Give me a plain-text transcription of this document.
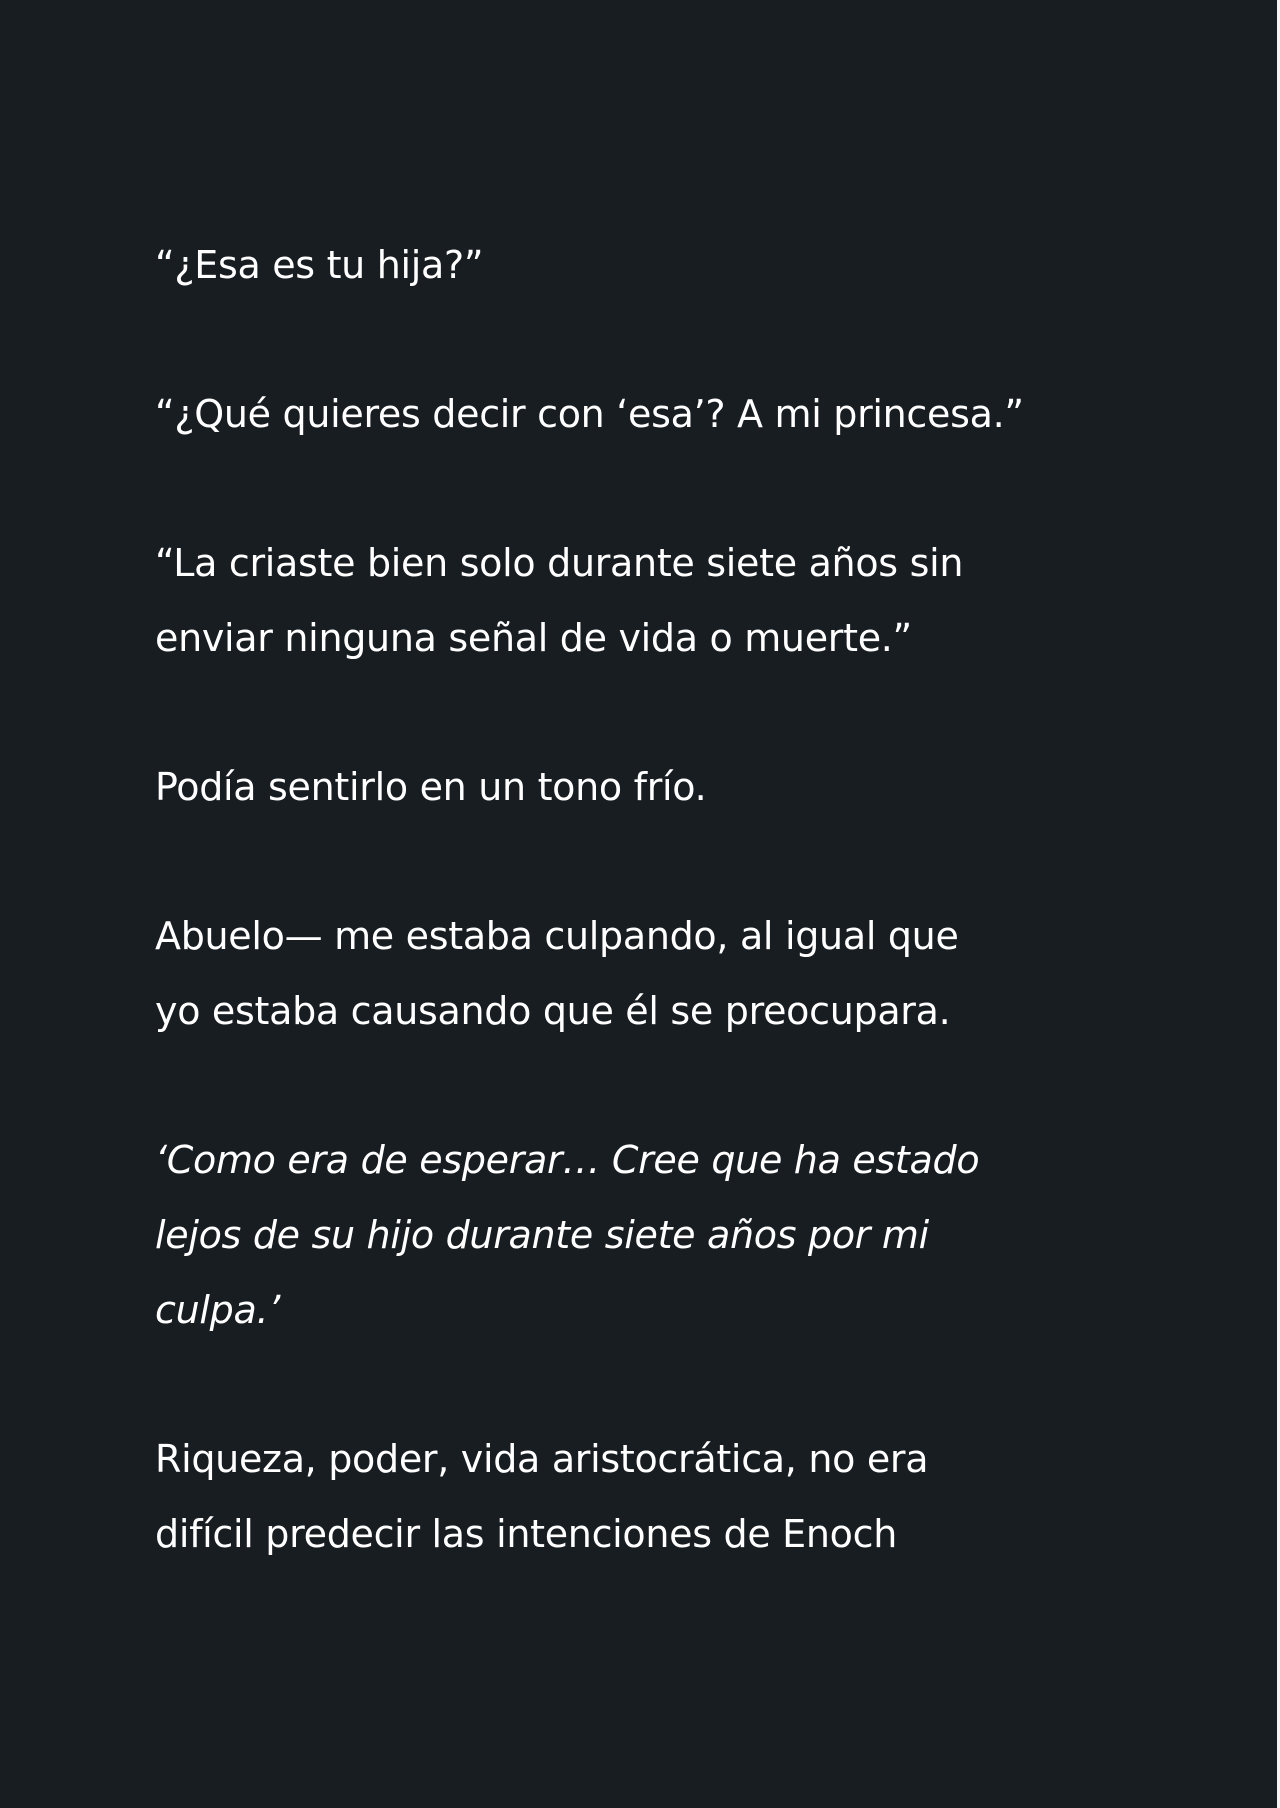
“¿Esa es tu hija?”

“¿Qué quieres decir con ‘esa’? A mi princesa.”

“La criaste bien solo durante siete años sin
enviar ninguna señal de vida o muerte.”

Podía sentirlo en un tono frío.

Abuelo— me estaba culpando, al igual que
yo estaba causando que él se preocupara.

‘Como era de esperar… Cree que ha estado
lejos de su hijo durante siete años por mi
culpa.’

Riqueza, poder, vida aristocrática, no era
difícil predecir las intenciones de Enoch
